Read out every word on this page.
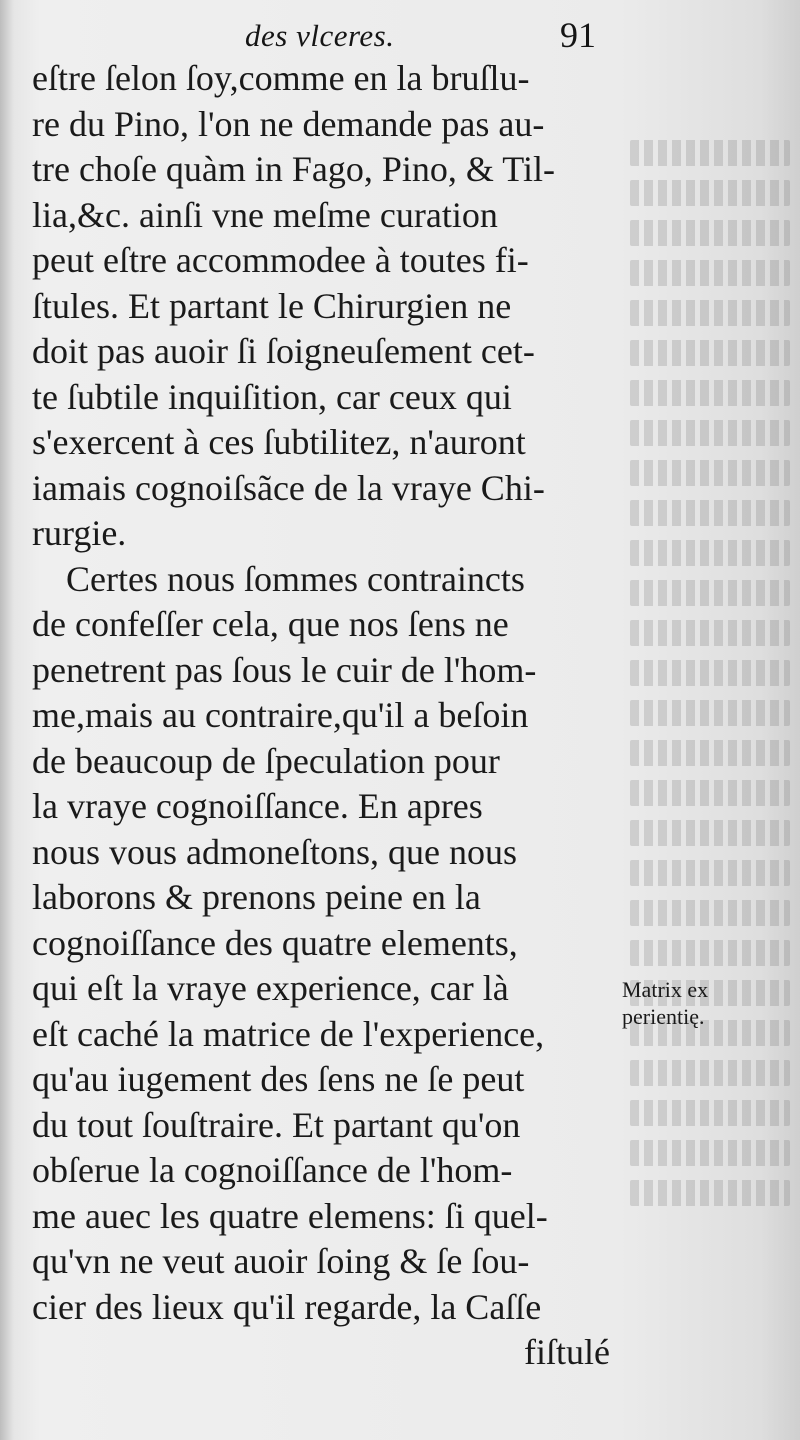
des vlceres.	91
eſtre ſelon ſoy,comme en la bruſlu-
re du Pino, l'on ne demande pas au-
tre choſe quàm in Fago, Pino, & Til-
lia,&c. ainſi vne meſme curation
peut eſtre accommodee à toutes fi-
ſtules. Et partant le Chirurgien ne
doit pas auoir ſi ſoigneuſement cet-
te ſubtile inquiſition, car ceux qui
s'exercent à ces ſubtilitez, n'auront
iamais cognoiſsãce de la vraye Chi-
rurgie.
Certes nous ſommes contraincts
de confeſſer cela, que nos ſens ne
penetrent pas ſous le cuir de l'hom-
me,mais au contraire,qu'il a beſoin
de beaucoup de ſpeculation pour
la vraye cognoiſſance. En apres
nous vous admoneſtons, que nous
laborons & prenons peine en la
cognoiſſance des quatre elements,
qui eſt la vraye experience, car là
eſt caché la matrice de l'experience,
qu'au iugement des ſens ne ſe peut
du tout ſouſtraire. Et partant qu'on
obſerue la cognoiſſance de l'hom-
me auec les quatre elemens: ſi quel-
qu'vn ne veut auoir ſoing & ſe ſou-
cier des lieux qu'il regarde, la Caſſe
fiſtulé
Matrix ex
perientię.
